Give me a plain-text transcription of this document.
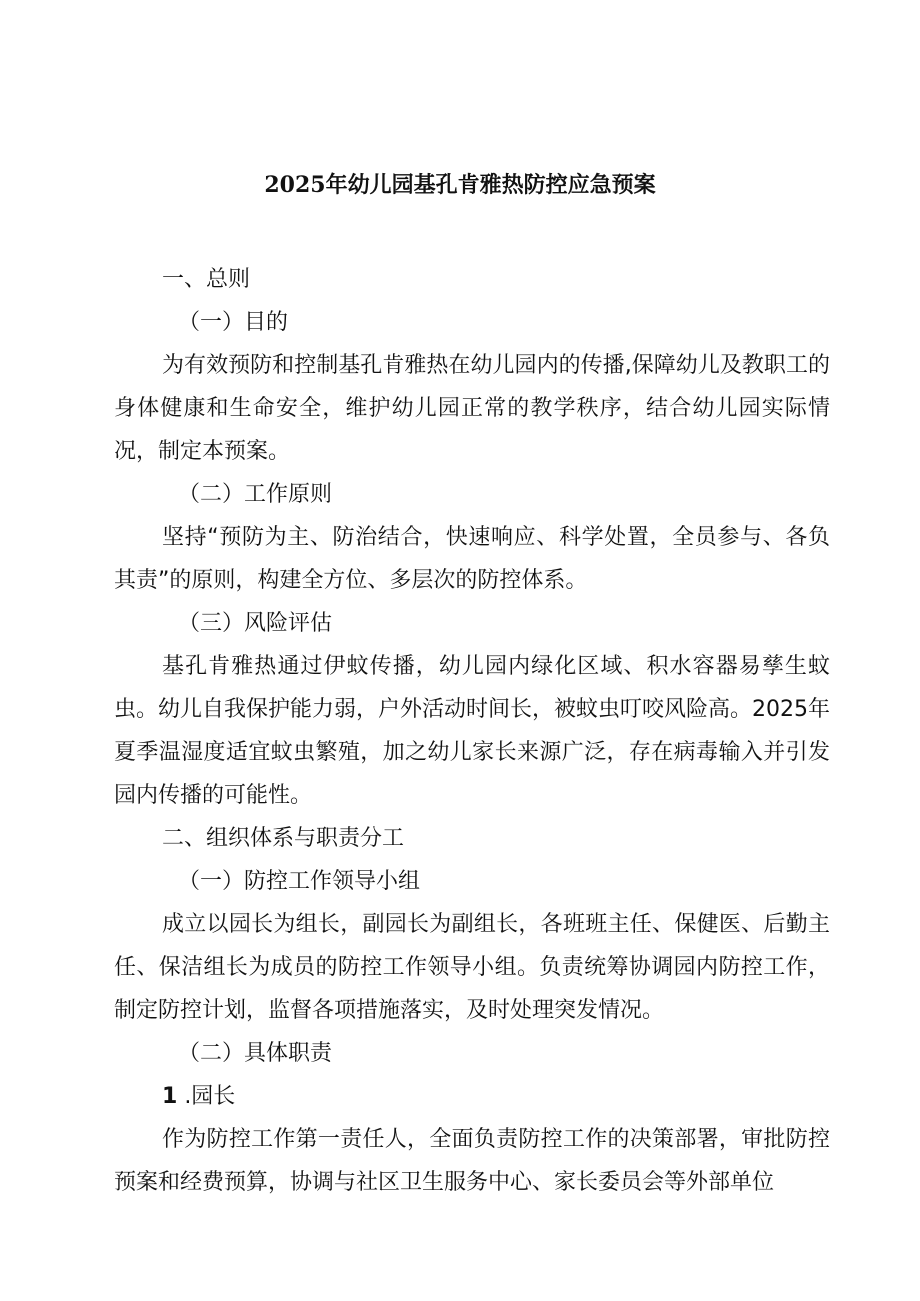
2025年幼儿园基孔肯雅热防控应急预案

一、总则

（一）目的

为有效预防和控制基孔肯雅热在幼儿园内的传播,保障幼儿及教职工的身体健康和生命安全，维护幼儿园正常的教学秩序，结合幼儿园实际情况，制定本预案。

（二）工作原则

坚持“预防为主、防治结合，快速响应、科学处置，全员参与、各负其责”的原则，构建全方位、多层次的防控体系。

（三）风险评估

基孔肯雅热通过伊蚊传播，幼儿园内绿化区域、积水容器易孳生蚊虫。幼儿自我保护能力弱，户外活动时间长，被蚊虫叮咬风险高。2025年夏季温湿度适宜蚊虫繁殖，加之幼儿家长来源广泛，存在病毒输入并引发园内传播的可能性。

二、组织体系与职责分工

（一）防控工作领导小组

成立以园长为组长，副园长为副组长，各班班主任、保健医、后勤主任、保洁组长为成员的防控工作领导小组。负责统筹协调园内防控工作，制定防控计划，监督各项措施落实，及时处理突发情况。

（二）具体职责

1 .园长

作为防控工作第一责任人，全面负责防控工作的决策部署，审批防控预案和经费预算，协调与社区卫生服务中心、家长委员会等外部单位
